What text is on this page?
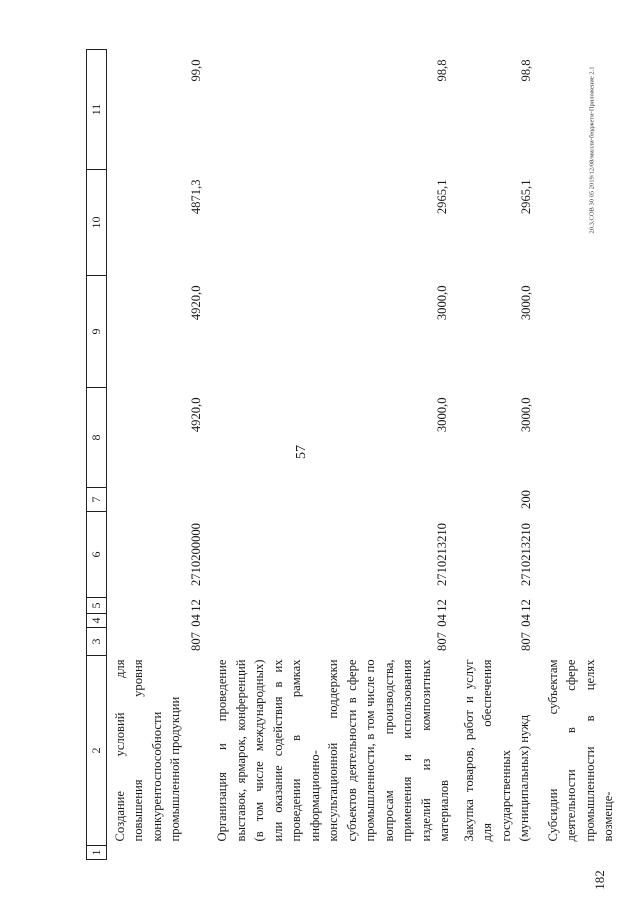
57
20.3.СОВ 30 05 2019/12/08/милли-бюджети-Приложение 2.1
182
1	2	3	4	5	6	7	8	9	10	11
	Создание условий для повышения уровня конкурентоспособности промышленной продукции	807	04	12	2710200000		4920,0	4920,0	4871,3	99,0
	Организация и проведение выставок, ярмарок, конференций (в том числе международных) или оказание содействия в их проведении в рамках информационно-консультационной поддержки субъектов деятельности в сфере промышленности, в том числе по вопросам производства, применения и использования изделий из композитных материалов	807	04	12	2710213210		3000,0	3000,0	2965,1	98,8
	Закупка товаров, работ и услуг для обеспечения государственных (муниципальных) нужд	807	04	12	2710213210	200	3000,0	3000,0	2965,1	98,8
	Субсидии субъектам деятельности в сфере промышленности в целях возмеще-									
